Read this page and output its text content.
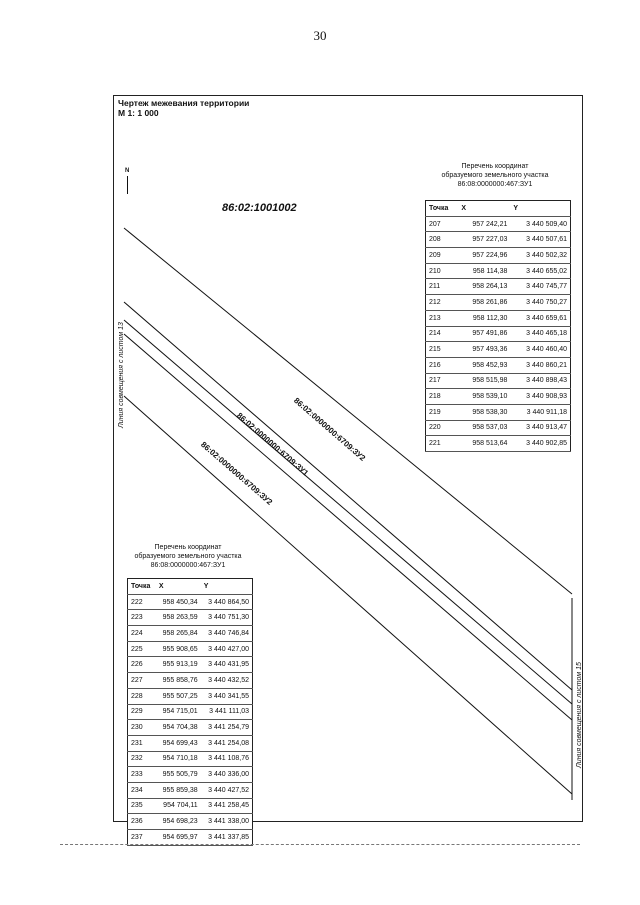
30
Чертеж межевания территории
М 1: 1 000
N
86:02:1001002
86:02:0000000:6709:ЗУ2
86:02:0000000:6709:ЗУ1
86:02:0000000:6709:ЗУ2
Линия совмещения с листом 13
Линия совмещения с листом 15
Перечень координат
образуемого земельного участка
86:08:0000000:467:ЗУ1
Точка	X	Y
207	957 242,21	3 440 509,40
208	957 227,03	3 440 507,61
209	957 224,96	3 440 502,32
210	958 114,38	3 440 655,02
211	958 264,13	3 440 745,77
212	958 261,86	3 440 750,27
213	958 112,30	3 440 659,61
214	957 491,86	3 440 465,18
215	957 493,36	3 440 460,40
216	958 452,93	3 440 860,21
217	958 515,98	3 440 898,43
218	958 539,10	3 440 908,93
219	958 538,30	3 440 911,18
220	958 537,03	3 440 913,47
221	958 513,64	3 440 902,85
Перечень координат
образуемого земельного участка
86:08:0000000:467:ЗУ1
Точка	X	Y
222	958 450,34	3 440 864,50
223	958 263,59	3 440 751,30
224	958 265,84	3 440 746,84
225	955 908,65	3 440 427,00
226	955 913,19	3 440 431,95
227	955 858,76	3 440 432,52
228	955 507,25	3 440 341,55
229	954 715,01	3 441 111,03
230	954 704,38	3 441 254,79
231	954 699,43	3 441 254,08
232	954 710,18	3 441 108,76
233	955 505,79	3 440 336,00
234	955 859,38	3 440 427,52
235	954 704,11	3 441 258,45
236	954 698,23	3 441 338,00
237	954 695,97	3 441 337,85
